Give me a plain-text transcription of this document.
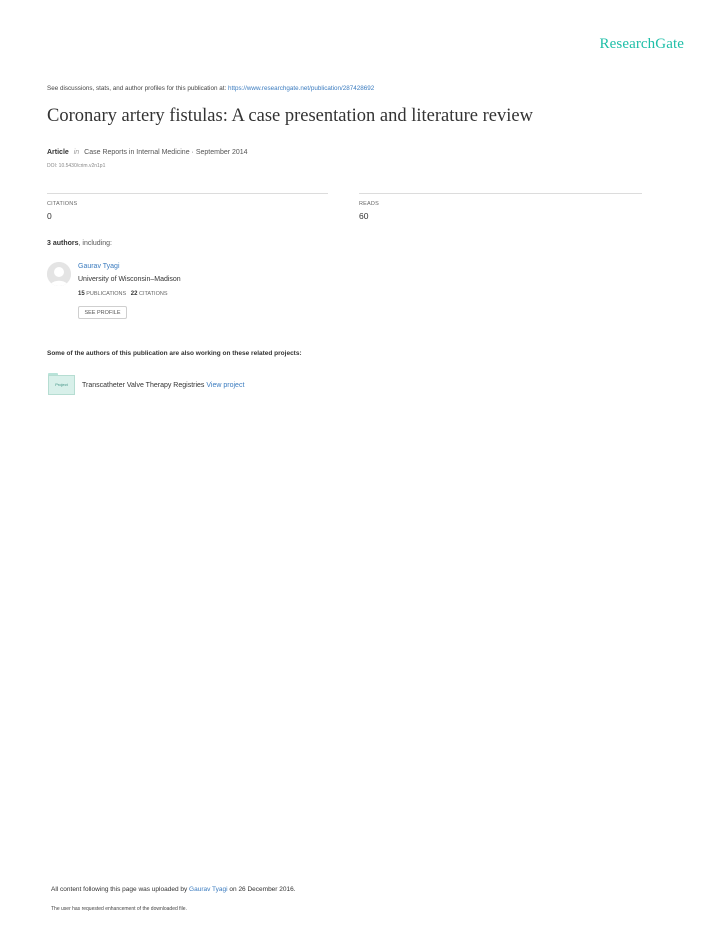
ResearchGate
See discussions, stats, and author profiles for this publication at: https://www.researchgate.net/publication/287428692
Coronary artery fistulas: A case presentation and literature review
Article in Case Reports in Internal Medicine · September 2014
DOI: 10.5430/crim.v2n1p1
CITATIONS
0
READS
60
3 authors, including:
Gaurav Tyagi
University of Wisconsin–Madison
15 PUBLICATIONS 22 CITATIONS
SEE PROFILE
Some of the authors of this publication are also working on these related projects:
Project	Transcatheter Valve Therapy Registries View project
All content following this page was uploaded by Gaurav Tyagi on 26 December 2016.
The user has requested enhancement of the downloaded file.
